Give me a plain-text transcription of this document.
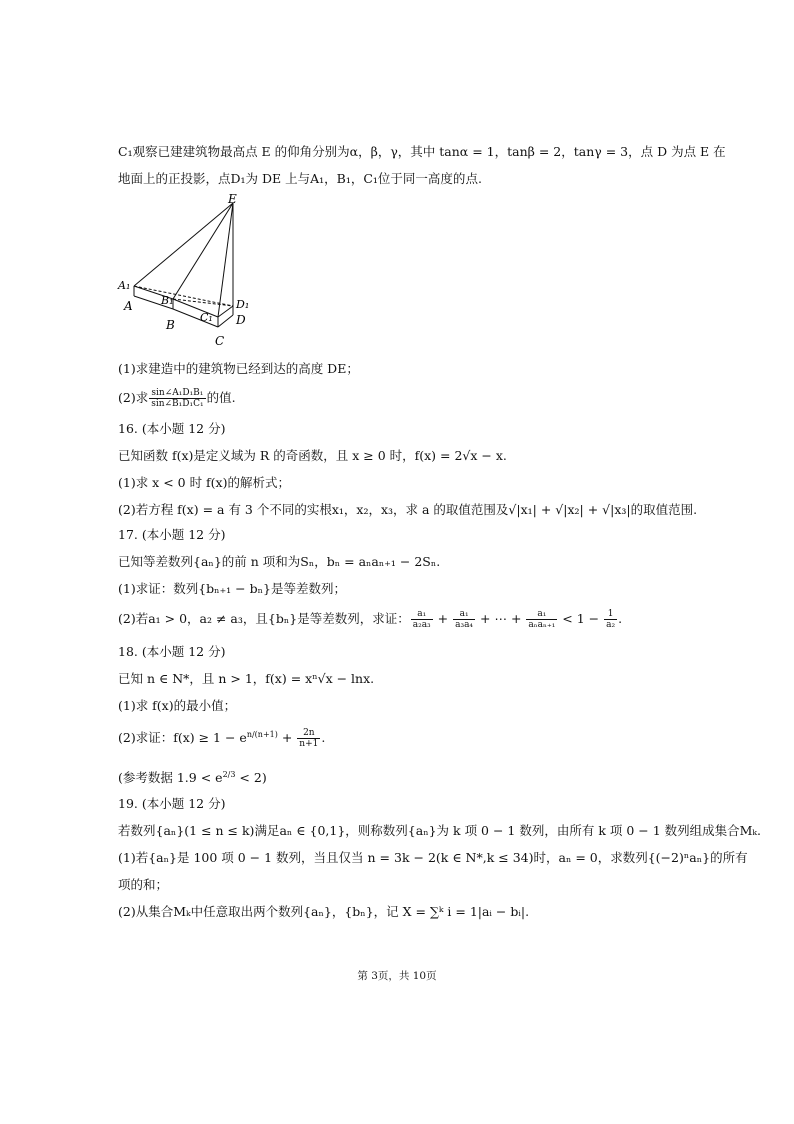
C₁观察已建建筑物最高点 E 的仰角分别为α，β，γ，其中 tanα = 1，tanβ = 2，tanγ = 3，点 D 为点 E 在
地面上的正投影，点D₁为 DE 上与A₁，B₁，C₁位于同一高度的点.
E
A₁
A	B₁
B
C₁
C
D₁
D
(1)求建造中的建筑物已经到达的高度 DE；
(2)求 $\frac{\text{sin∠A₁D₁B₁}}{\text{sin∠B₁D₁C₁}}$ 的值.
16. (本小题 12 分)
已知函数 f(x)是定义域为 R 的奇函数，且 x ≥ 0 时，f(x) = 2√x − x.
(1)求 x < 0 时 f(x)的解析式；
(2)若方程 f(x) = a 有 3 个不同的实根x₁，x₂，x₃，求 a 的取值范围及√|x₁| + √|x₂| + √|x₃|的取值范围.
17. (本小题 12 分)
已知等差数列{aₙ}的前 n 项和为Sₙ，bₙ = aₙaₙ₊₁ − 2Sₙ.
(1)求证：数列{bₙ₊₁ − bₙ}是等差数列；
(2)若a₁ > 0，a₂ ≠ a₃，且{bₙ}是等差数列，求证： $\frac{\text{a₁}}{\text{a₂a₃}} + \frac{\text{a₁}}{\text{a₃a₄}}$ + ⋯ + $\frac{\text{a₁}}{\text{aₙaₙ₊₁}} < 1 - \frac{1}{\text{a₂}}$ .
18. (本小题 12 分)
已知 n ∈ N*，且 n > 1，f(x) = xⁿ√x − lnx.
(1)求 f(x)的最小值；
(2)求证：$f(x) \ge 1 - e^{n/(n+1)} + \frac{2n}{n+1}$ .
(参考数据 $1.9 < e^{2/3} < 2$)
19. (本小题 12 分)
若数列{aₙ}(1 ≤ n ≤ k)满足aₙ ∈ {0,1}，则称数列{aₙ}为 k 项 0 − 1 数列，由所有 k 项 0 − 1 数列组成集合Mₖ.
(1)若{aₙ}是 100 项 0 − 1 数列，当且仅当 n = 3k − 2(k ∈ N*,k ≤ 34)时，aₙ = 0，求数列{(−2)ⁿaₙ}的所有
项的和；
(2)从集合Mₖ中任意取出两个数列{aₙ}，{bₙ}，记 X = ∑ᵏ i = 1|aᵢ − bᵢ|.
第 3页，共 10页
